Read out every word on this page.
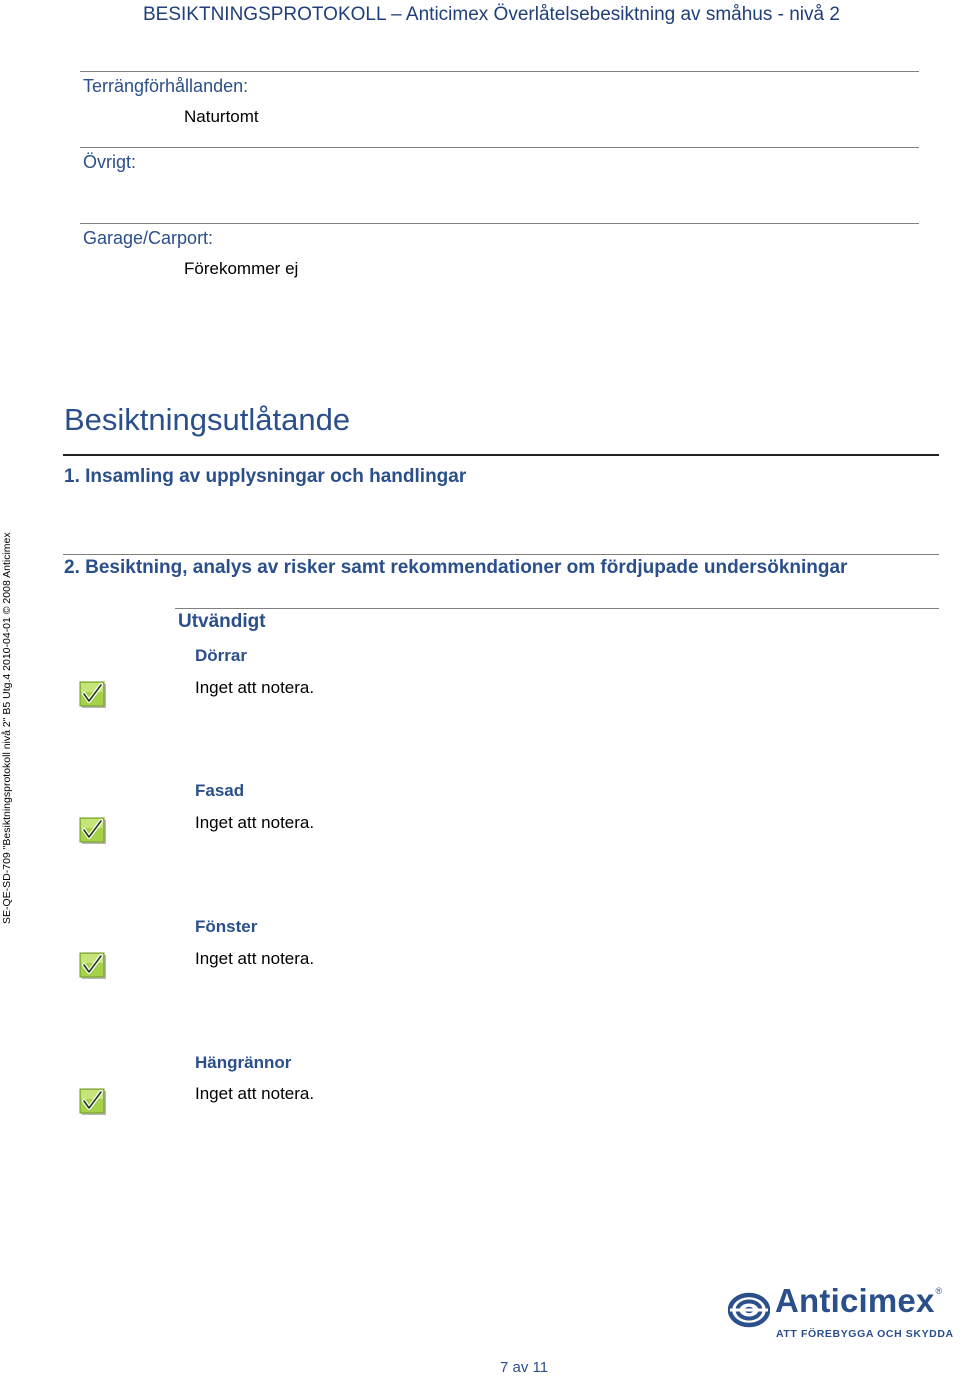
BESIKTNINGSPROTOKOLL – Anticimex Överlåtelsebesiktning av småhus - nivå 2
Terrängförhållanden:
Naturtomt
Övrigt:
Garage/Carport:
Förekommer ej
Besiktningsutlåtande
1. Insamling av upplysningar och handlingar
2. Besiktning, analys av risker samt rekommendationer om fördjupade undersökningar
Utvändigt
Dörrar
Inget att notera.
Fasad
Inget att notera.
Fönster
Inget att notera.
Hängrännor
Inget att notera.
SE-QE-SD-709 "Besiktningsprotokoll nivå 2" B5 Utg.4 2010-04-01 © 2008 Anticimex
Anticimex®
ATT FÖREBYGGA OCH SKYDDA
7 av 11
